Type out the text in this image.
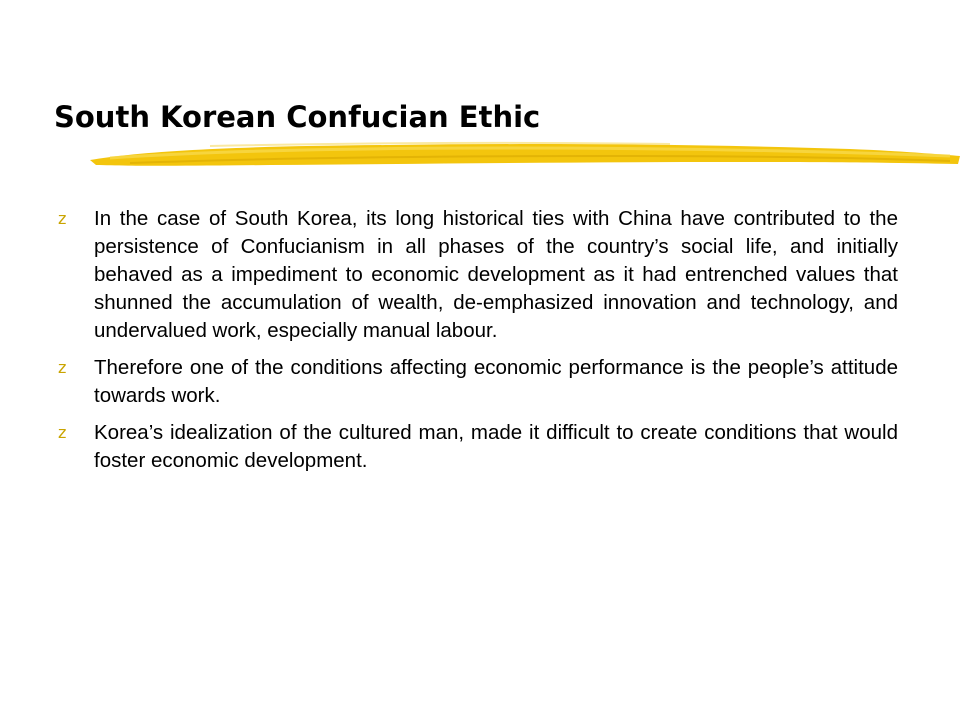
South Korean Confucian Ethic
z In the case of South Korea, its long historical ties with China have contributed to the persistence of Confucianism in all phases of the country’s social life, and initially behaved as a impediment to economic development as it had entrenched values that shunned the accumulation of wealth, de-emphasized innovation and technology, and undervalued work, especially manual labour.
z Therefore one of the conditions affecting economic performance is the people’s attitude towards work.
z Korea’s idealization of the cultured man, made it difficult to create conditions that would foster economic development.
